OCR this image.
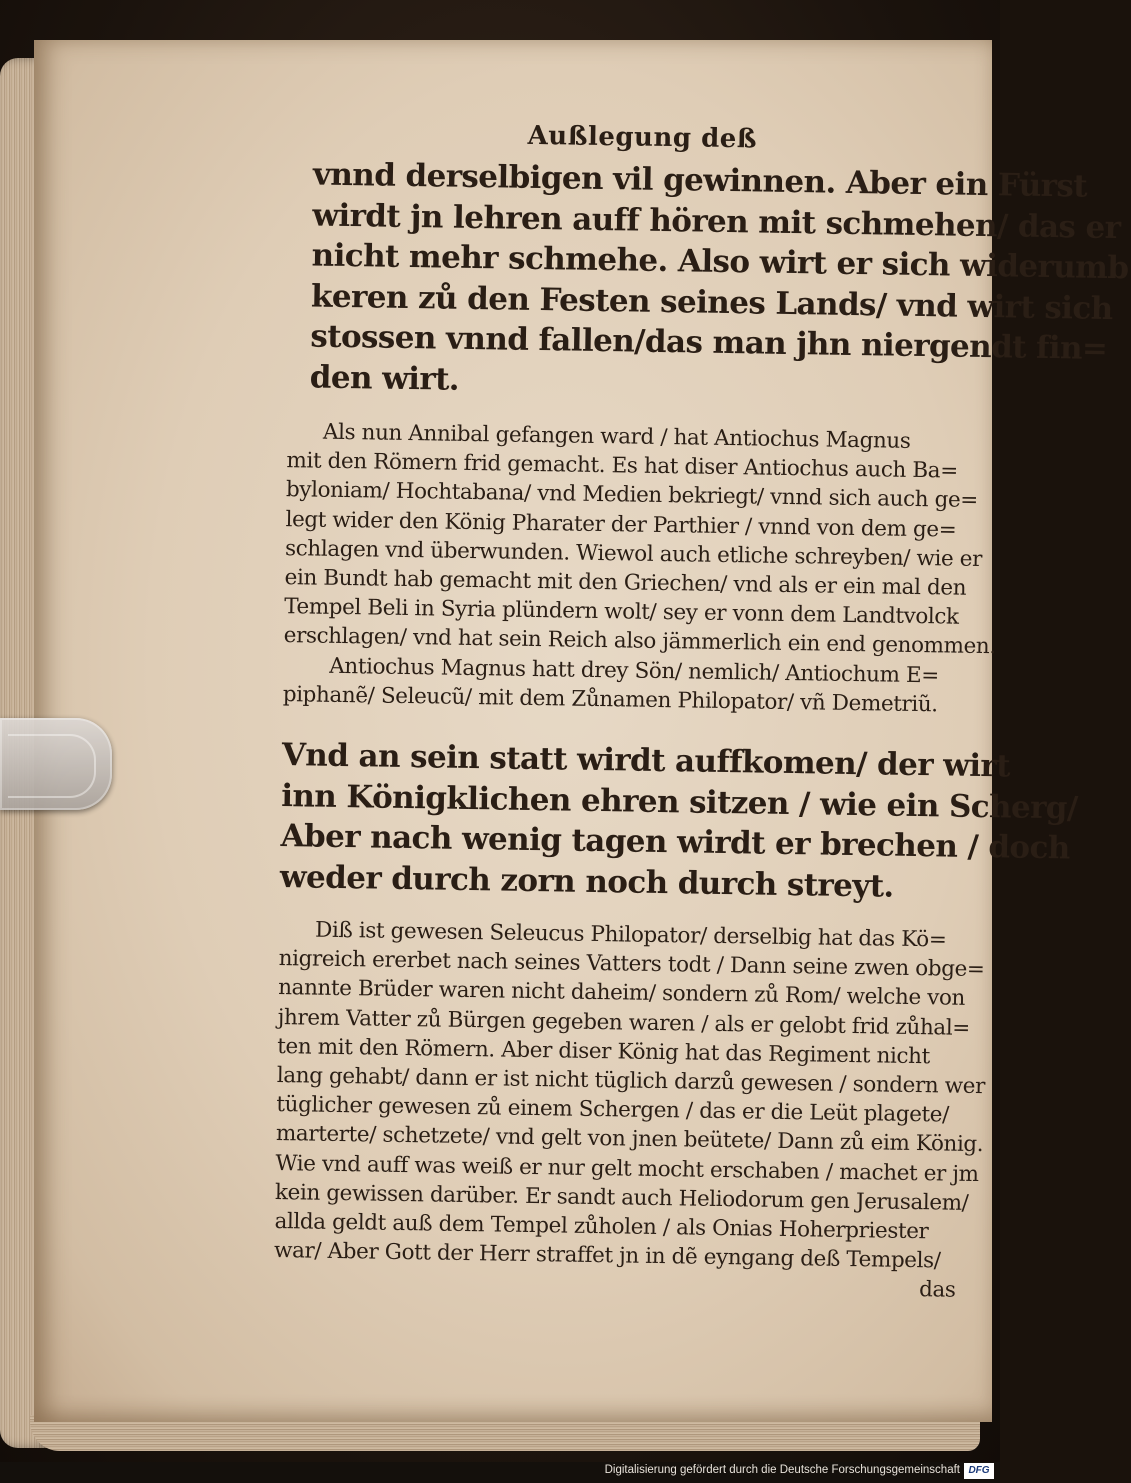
Außlegung deß
vnnd derselbigen vil gewinnen. Aber ein Fürst
wirdt jn lehren auff hören mit schmehen/ das er
nicht mehr schmehe. Also wirt er sich widerumb
keren zů den Festen seines Lands/ vnd wirt sich
stossen vnnd fallen/das man jhn niergendt fin=
den wirt.
Als nun Annibal gefangen ward / hat Antiochus Magnus
mit den Römern frid gemacht. Es hat diser Antiochus auch Ba=
byloniam/ Hochtabana/ vnd Medien bekriegt/ vnnd sich auch ge=
legt wider den König Pharater der Parthier / vnnd von dem ge=
schlagen vnd überwunden. Wiewol auch etliche schreyben/ wie er
ein Bundt hab gemacht mit den Griechen/ vnd als er ein mal den
Tempel Beli in Syria plündern wolt/ sey er vonn dem Landtvolck
erschlagen/ vnd hat sein Reich also jämmerlich ein end genommen.
Antiochus Magnus hatt drey Sön/ nemlich/ Antiochum E=
piphanẽ/ Seleucũ/ mit dem Zůnamen Philopator/ vñ Demetriũ.
Vnd an sein statt wirdt auffkomen/ der wirt
inn Königklichen ehren sitzen / wie ein Scherg/
Aber nach wenig tagen wirdt er brechen / doch
weder durch zorn noch durch streyt.
Diß ist gewesen Seleucus Philopator/ derselbig hat das Kö=
nigreich ererbet nach seines Vatters todt / Dann seine zwen obge=
nannte Brüder waren nicht daheim/ sondern zů Rom/ welche von
jhrem Vatter zů Bürgen gegeben waren / als er gelobt frid zůhal=
ten mit den Römern. Aber diser König hat das Regiment nicht
lang gehabt/ dann er ist nicht tüglich darzů gewesen / sondern wer
tüglicher gewesen zů einem Schergen / das er die Leüt plagete/
marterte/ schetzete/ vnd gelt von jnen beütete/ Dann zů eim König.
Wie vnd auff was weiß er nur gelt mocht erschaben / machet er jm
kein gewissen darüber. Er sandt auch Heliodorum gen Jerusalem/
allda geldt auß dem Tempel zůholen / als Onias Hoherpriester
war/ Aber Gott der Herr straffet jn in dẽ eyngang deß Tempels/
das
Digitalisierung gefördert durch die Deutsche Forschungsgemeinschaft DFG
